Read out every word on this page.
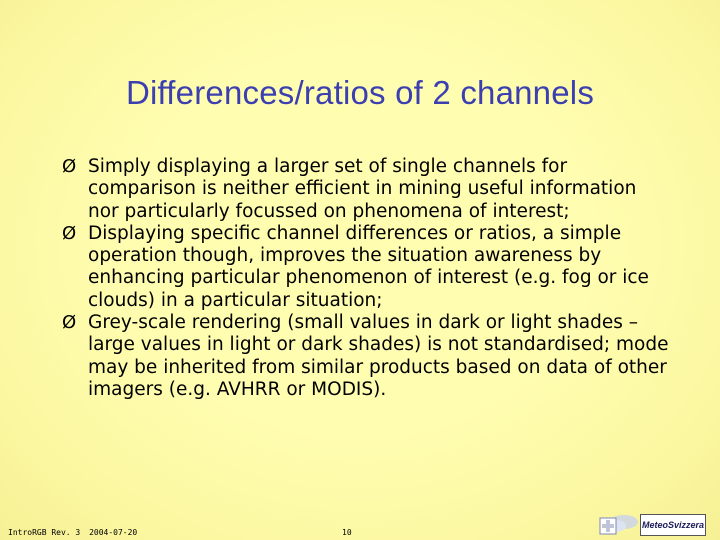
Differences/ratios of 2 channels
Ø Simply displaying a larger set of single channels for comparison is neither efficient in mining useful information nor particularly focussed on phenomena of interest;
Ø Displaying specific channel differences or ratios, a simple operation though, improves the situation awareness by enhancing particular phenomenon of interest (e.g. fog or ice clouds) in a particular situation;
Ø Grey-scale rendering (small values in dark or light shades – large values in light or dark shades) is not standardised; mode may be inherited from similar products based on data of other imagers (e.g. AVHRR or MODIS).
IntroRGB Rev. 3 2004-07-20	10
MeteoSvizzera
